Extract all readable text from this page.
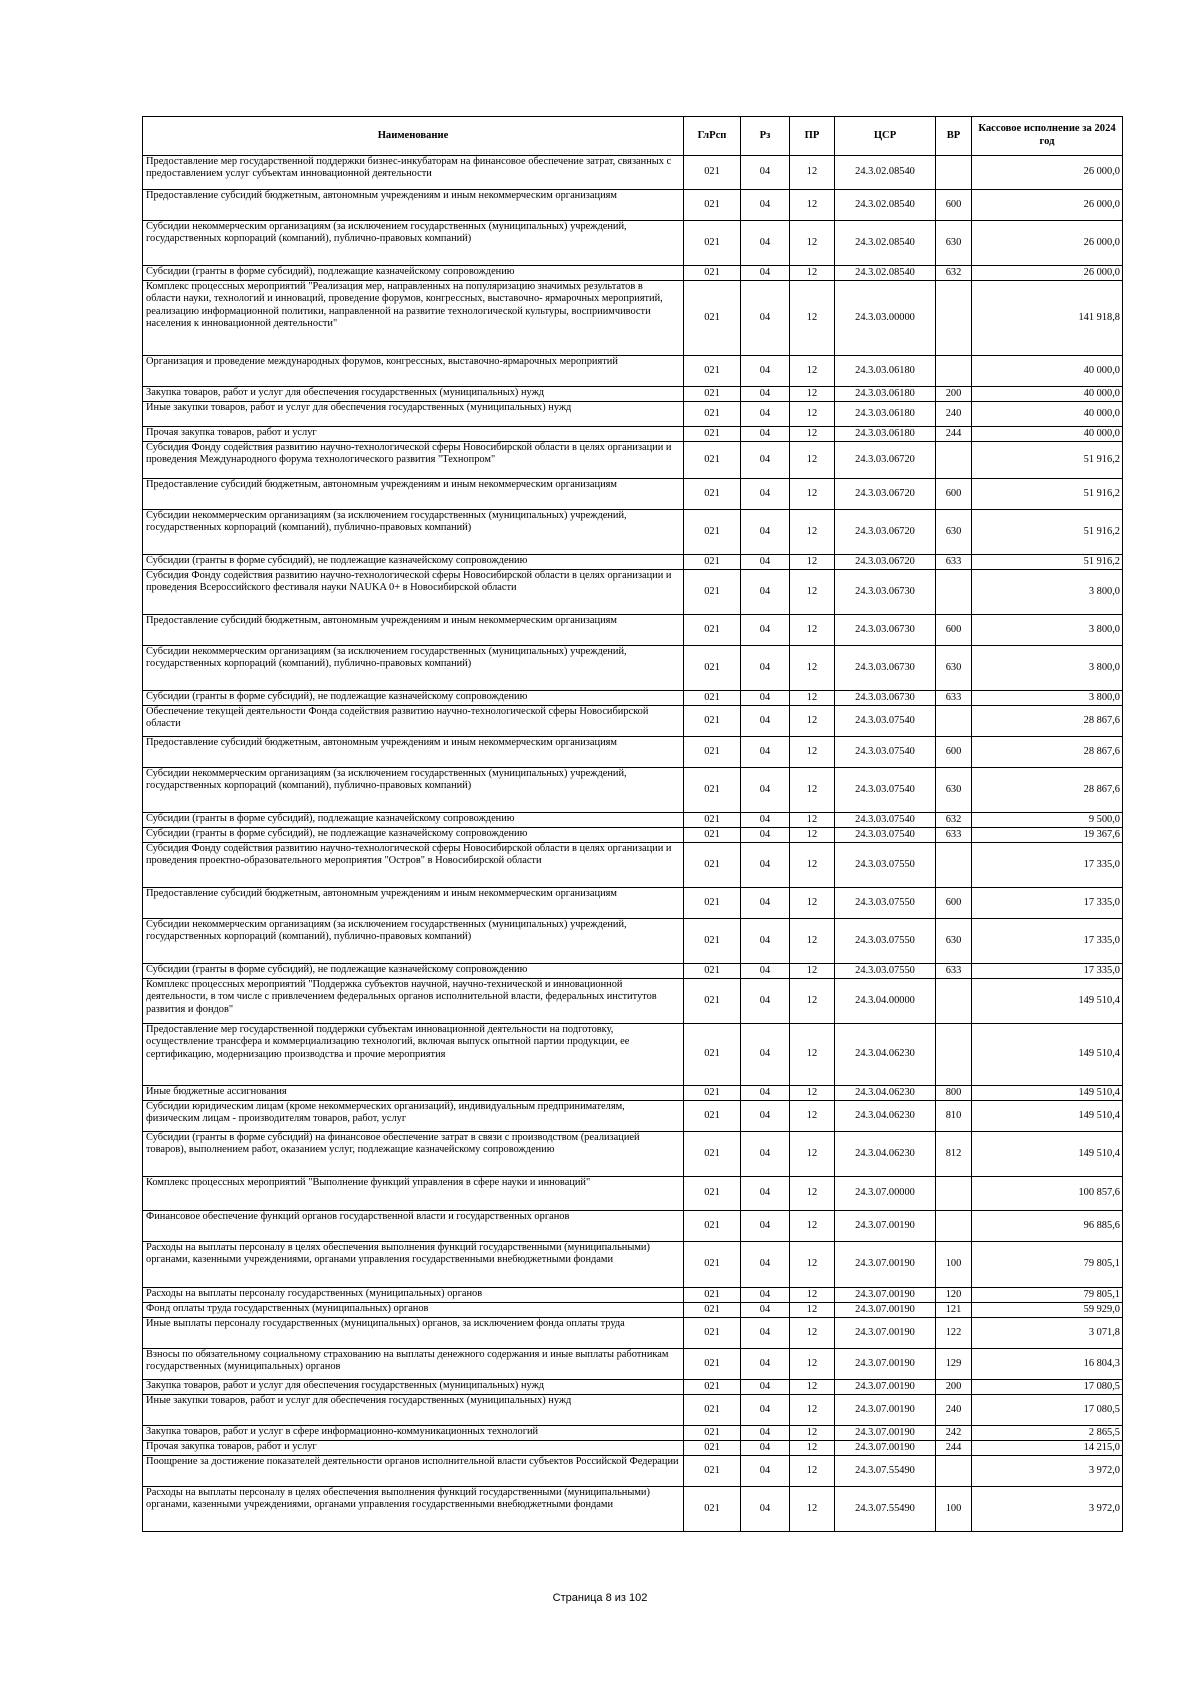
Наименование	ГлРсп	Рз	ПР	ЦСР	ВР	Кассовое исполнение за 2024 год
Предоставление мер государственной поддержки бизнес-инкубаторам на финансовое обеспечение затрат, связанных с предоставлением услуг субъектам инновационной деятельности	021	04	12	24.3.02.08540		26 000,0
Предоставление субсидий бюджетным, автономным учреждениям и иным некоммерческим организациям	021	04	12	24.3.02.08540	600	26 000,0
Субсидии некоммерческим организациям (за исключением государственных (муниципальных) учреждений, государственных корпораций (компаний), публично-правовых компаний)	021	04	12	24.3.02.08540	630	26 000,0
Субсидии (гранты в форме субсидий), подлежащие казначейскому сопровождению	021	04	12	24.3.02.08540	632	26 000,0
Комплекс процессных мероприятий "Реализация мер, направленных на популяризацию значимых результатов в области науки, технологий и инноваций, проведение форумов, конгрессных, выставочно- ярмарочных мероприятий, реализацию информационной политики, направленной на развитие технологической культуры, восприимчивости населения к инновационной деятельности"	021	04	12	24.3.03.00000		141 918,8
Организация и проведение международных форумов, конгрессных, выставочно-ярмарочных мероприятий	021	04	12	24.3.03.06180		40 000,0
Закупка товаров, работ и услуг для обеспечения государственных (муниципальных) нужд	021	04	12	24.3.03.06180	200	40 000,0
Иные закупки товаров, работ и услуг для обеспечения государственных (муниципальных) нужд	021	04	12	24.3.03.06180	240	40 000,0
Прочая закупка товаров, работ и услуг	021	04	12	24.3.03.06180	244	40 000,0
Субсидия Фонду содействия развитию научно-технологической сферы Новосибирской области в целях организации и проведения Международного форума технологического развития "Технопром"	021	04	12	24.3.03.06720		51 916,2
Предоставление субсидий бюджетным, автономным учреждениям и иным некоммерческим организациям	021	04	12	24.3.03.06720	600	51 916,2
Субсидии некоммерческим организациям (за исключением государственных (муниципальных) учреждений, государственных корпораций (компаний), публично-правовых компаний)	021	04	12	24.3.03.06720	630	51 916,2
Субсидии (гранты в форме субсидий), не подлежащие казначейскому сопровождению	021	04	12	24.3.03.06720	633	51 916,2
Субсидия Фонду содействия развитию научно-технологической сферы Новосибирской области в целях организации и проведения Всероссийского фестиваля науки NAUKA 0+ в Новосибирской области	021	04	12	24.3.03.06730		3 800,0
Предоставление субсидий бюджетным, автономным учреждениям и иным некоммерческим организациям	021	04	12	24.3.03.06730	600	3 800,0
Субсидии некоммерческим организациям (за исключением государственных (муниципальных) учреждений, государственных корпораций (компаний), публично-правовых компаний)	021	04	12	24.3.03.06730	630	3 800,0
Субсидии (гранты в форме субсидий), не подлежащие казначейскому сопровождению	021	04	12	24.3.03.06730	633	3 800,0
Обеспечение текущей деятельности Фонда содействия развитию научно-технологической сферы Новосибирской области	021	04	12	24.3.03.07540		28 867,6
Предоставление субсидий бюджетным, автономным учреждениям и иным некоммерческим организациям	021	04	12	24.3.03.07540	600	28 867,6
Субсидии некоммерческим организациям (за исключением государственных (муниципальных) учреждений, государственных корпораций (компаний), публично-правовых компаний)	021	04	12	24.3.03.07540	630	28 867,6
Субсидии (гранты в форме субсидий), подлежащие казначейскому сопровождению	021	04	12	24.3.03.07540	632	9 500,0
Субсидии (гранты в форме субсидий), не подлежащие казначейскому сопровождению	021	04	12	24.3.03.07540	633	19 367,6
Субсидия Фонду содействия развитию научно-технологической сферы Новосибирской области в целях организации и проведения проектно-образовательного мероприятия "Остров" в Новосибирской области	021	04	12	24.3.03.07550		17 335,0
Предоставление субсидий бюджетным, автономным учреждениям и иным некоммерческим организациям	021	04	12	24.3.03.07550	600	17 335,0
Субсидии некоммерческим организациям (за исключением государственных (муниципальных) учреждений, государственных корпораций (компаний), публично-правовых компаний)	021	04	12	24.3.03.07550	630	17 335,0
Субсидии (гранты в форме субсидий), не подлежащие казначейскому сопровождению	021	04	12	24.3.03.07550	633	17 335,0
Комплекс процессных мероприятий "Поддержка субъектов научной, научно-технической и инновационной деятельности, в том числе с привлечением федеральных органов исполнительной власти, федеральных институтов развития и фондов"	021	04	12	24.3.04.00000		149 510,4
Предоставление мер государственной поддержки субъектам инновационной деятельности на подготовку, осуществление трансфера и коммерциализацию технологий, включая выпуск опытной партии продукции, ее сертификацию, модернизацию производства и прочие мероприятия	021	04	12	24.3.04.06230		149 510,4
Иные бюджетные ассигнования	021	04	12	24.3.04.06230	800	149 510,4
Субсидии юридическим лицам (кроме некоммерческих организаций), индивидуальным предпринимателям, физическим лицам - производителям товаров, работ, услуг	021	04	12	24.3.04.06230	810	149 510,4
Субсидии (гранты в форме субсидий) на финансовое обеспечение затрат в связи с производством (реализацией товаров), выполнением работ, оказанием услуг, подлежащие казначейскому сопровождению	021	04	12	24.3.04.06230	812	149 510,4
Комплекс процессных мероприятий "Выполнение функций управления в сфере науки и инноваций"	021	04	12	24.3.07.00000		100 857,6
Финансовое обеспечение функций органов государственной власти и государственных органов	021	04	12	24.3.07.00190		96 885,6
Расходы на выплаты персоналу в целях обеспечения выполнения функций государственными (муниципальными) органами, казенными учреждениями, органами управления государственными внебюджетными фондами	021	04	12	24.3.07.00190	100	79 805,1
Расходы на выплаты персоналу государственных (муниципальных) органов	021	04	12	24.3.07.00190	120	79 805,1
Фонд оплаты труда государственных (муниципальных) органов	021	04	12	24.3.07.00190	121	59 929,0
Иные выплаты персоналу государственных (муниципальных) органов, за исключением фонда оплаты труда	021	04	12	24.3.07.00190	122	3 071,8
Взносы по обязательному социальному страхованию на выплаты денежного содержания и иные выплаты работникам государственных (муниципальных) органов	021	04	12	24.3.07.00190	129	16 804,3
Закупка товаров, работ и услуг для обеспечения государственных (муниципальных) нужд	021	04	12	24.3.07.00190	200	17 080,5
Иные закупки товаров, работ и услуг для обеспечения государственных (муниципальных) нужд	021	04	12	24.3.07.00190	240	17 080,5
Закупка товаров, работ и услуг в сфере информационно-коммуникационных технологий	021	04	12	24.3.07.00190	242	2 865,5
Прочая закупка товаров, работ и услуг	021	04	12	24.3.07.00190	244	14 215,0
Поощрение за достижение показателей деятельности органов исполнительной власти субъектов Российской Федерации	021	04	12	24.3.07.55490		3 972,0
Расходы на выплаты персоналу в целях обеспечения выполнения функций государственными (муниципальными) органами, казенными учреждениями, органами управления государственными внебюджетными фондами	021	04	12	24.3.07.55490	100	3 972,0
Страница 8 из 102
